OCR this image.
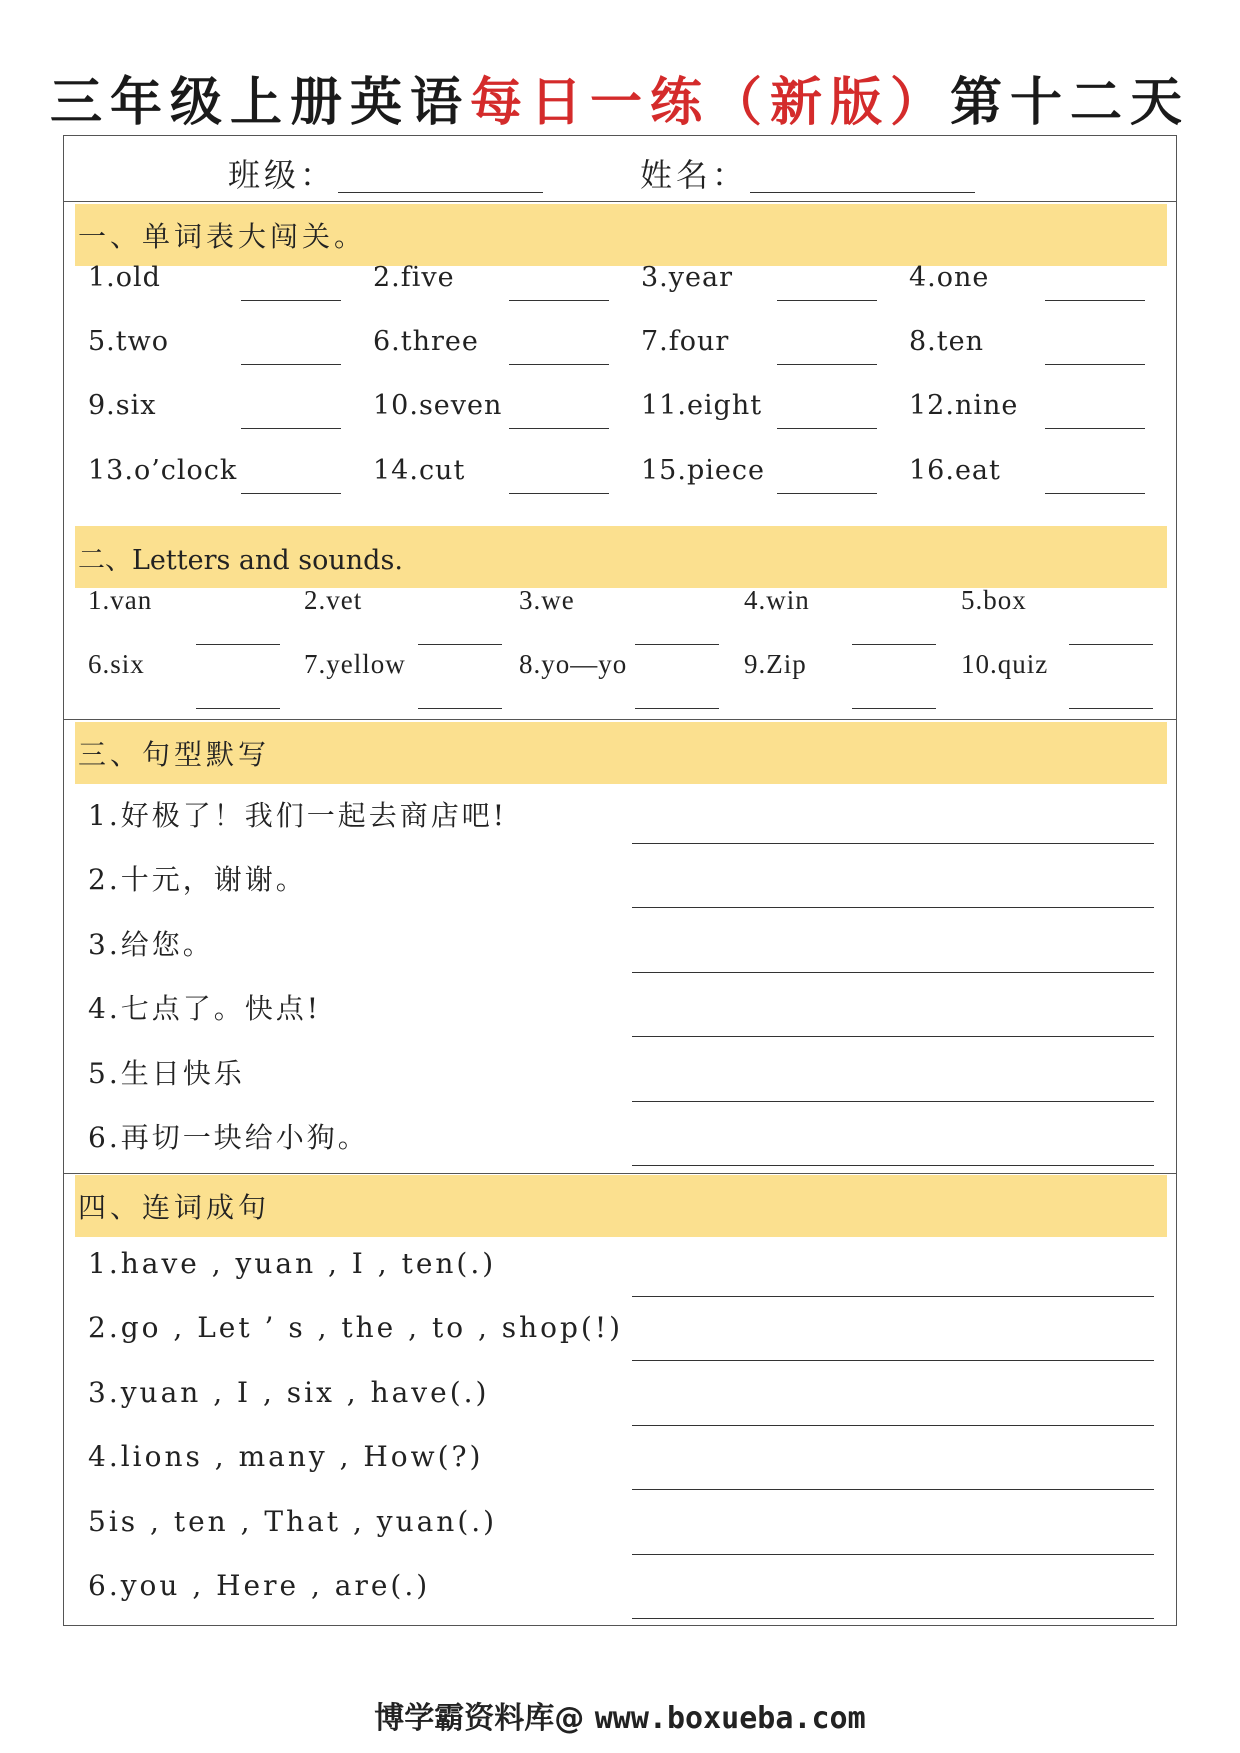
三年级上册英语每日一练（新版）第十二天
班级：	姓名：
一、单词表大闯关。
1.old	2.five	3.year	4.one
5.two	6.three	7.four	8.ten
9.six	10.seven	11.eight	12.nine
13.o’clock	14.cut	15.piece	16.eat
二、Letters and sounds.
1.van	2.vet	3.we	4.win	5.box
6.six	7.yellow	8.yo—yo	9.Zip	10.quiz
三、句型默写
1.好极了！我们一起去商店吧!
2.十元，谢谢。
3.给您。
4.七点了。快点!
5.生日快乐
6.再切一块给小狗。
四、连词成句
1.have , yuan , I , ten(.)
2.go , Let ’ s , the , to , shop(!)
3.yuan , I , six , have(.)
4.lions , many , How(?)
5is , ten , That , yuan(.)
6.you , Here , are(.)
博学霸资料库@ www.boxueba.com
